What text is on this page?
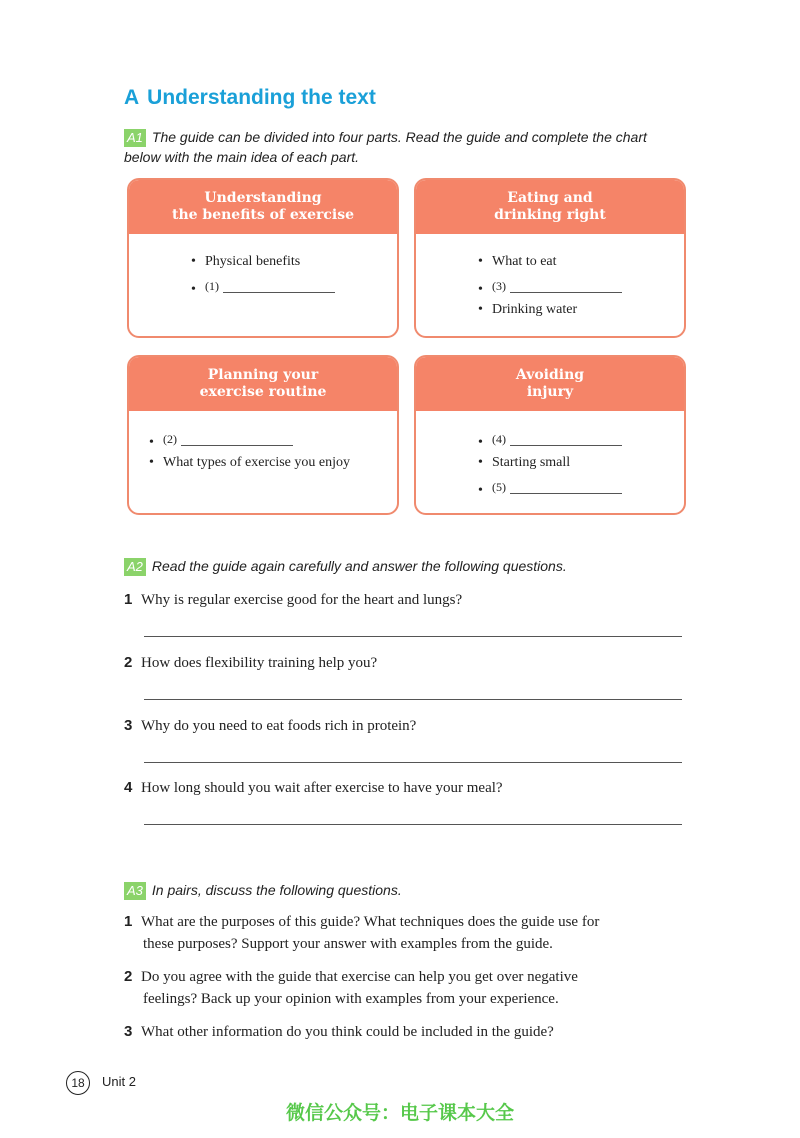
A Understanding the text
A1 The guide can be divided into four parts. Read the guide and complete the chart below with the main idea of each part.
Understanding
the benefits of exercise
• Physical benefits
• (1)
Eating and
drinking right
• What to eat
• (3)
• Drinking water
Planning your
exercise routine
• (2)
• What types of exercise you enjoy
Avoiding
injury
• (4)
• Starting small
• (5)
A2 Read the guide again carefully and answer the following questions.
1 Why is regular exercise good for the heart and lungs?
2 How does flexibility training help you?
3 Why do you need to eat foods rich in protein?
4 How long should you wait after exercise to have your meal?
A3 In pairs, discuss the following questions.
1 What are the purposes of this guide? What techniques does the guide use for
these purposes? Support your answer with examples from the guide.
2 Do you agree with the guide that exercise can help you get over negative
feelings? Back up your opinion with examples from your experience.
3 What other information do you think could be included in the guide?
18	Unit 2
微信公众号：电子课本大全
